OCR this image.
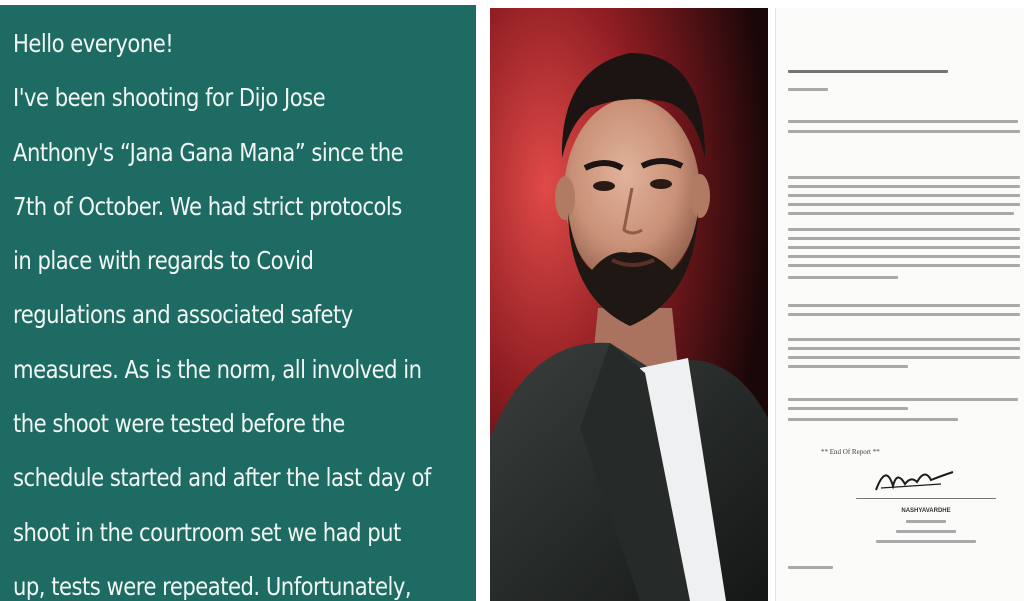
Hello everyone!
I've been shooting for Dijo Jose
Anthony's “Jana Gana Mana” since the
7th of October. We had strict protocols
in place with regards to Covid
regulations and associated safety
measures. As is the norm, all involved in
the shoot were tested before the
schedule started and after the last day of
shoot in the courtroom set we had put
up, tests were repeated. Unfortunately,
** End Of Report **
NASHYAVARDHE
